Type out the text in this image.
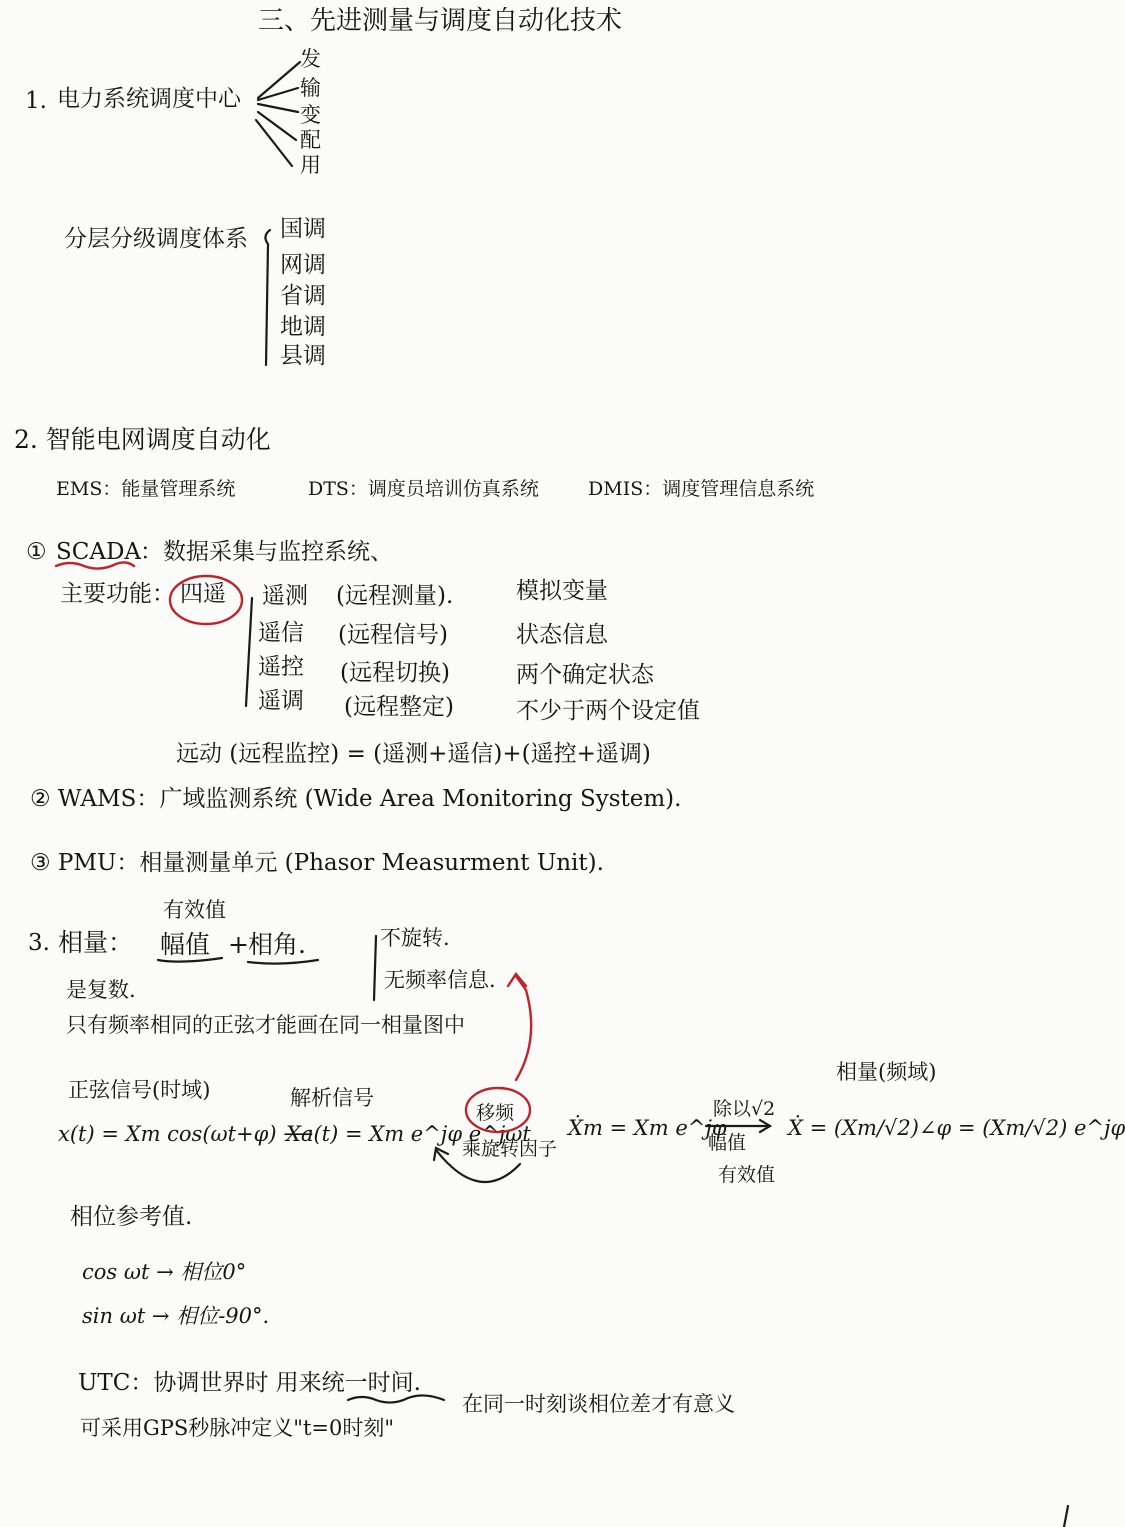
三、先进测量与调度自动化技术
1. 电力系统调度中心
发
输
变
配
用
分层分级调度体系 国调
网调
省调
地调
县调
2. 智能电网调度自动化
EMS：能量管理系统	DTS：调度员培训仿真系统	DMIS：调度管理信息系统
① SCADA
：数据采集与监控系统、
主要功能： 四遥 遥测 (远程测量).	模拟变量
遥信 (远程信号)	状态信息
遥控 (远程切换)	两个确定状态
遥调 (远程整定)	不少于两个设定值
远动 (远程监控) = (遥测+遥信)+(遥控+遥调)
② WAMS：广域监测系统 (Wide Area Monitoring System).
③ PMU：相量测量单元 (Phasor Measurment Unit).
3. 相量：
有效值
幅值 + 相角.	不旋转.
无频率信息.
是复数.
只有频率相同的正弦才能画在同一相量图中
正弦信号(时域)	解析信号
移频
乘旋转因子
相量(频域)
除以√2
幅值
有效值
x(t) = Xm cos(ωt+φ) ⟶
Xa(t) = Xm e^jφ e^jωt Ẋm = Xm e^jφ	Ẋ = (Xm/√2)∠φ = (Xm/√2) e^jφ
相位参考值.
cos ωt → 相位0°
sin ωt → 相位-90°.
UTC：协调世界时 用来统一时间.
在同一时刻谈相位差才有意义
可采用GPS秒脉冲定义"t=0时刻"
